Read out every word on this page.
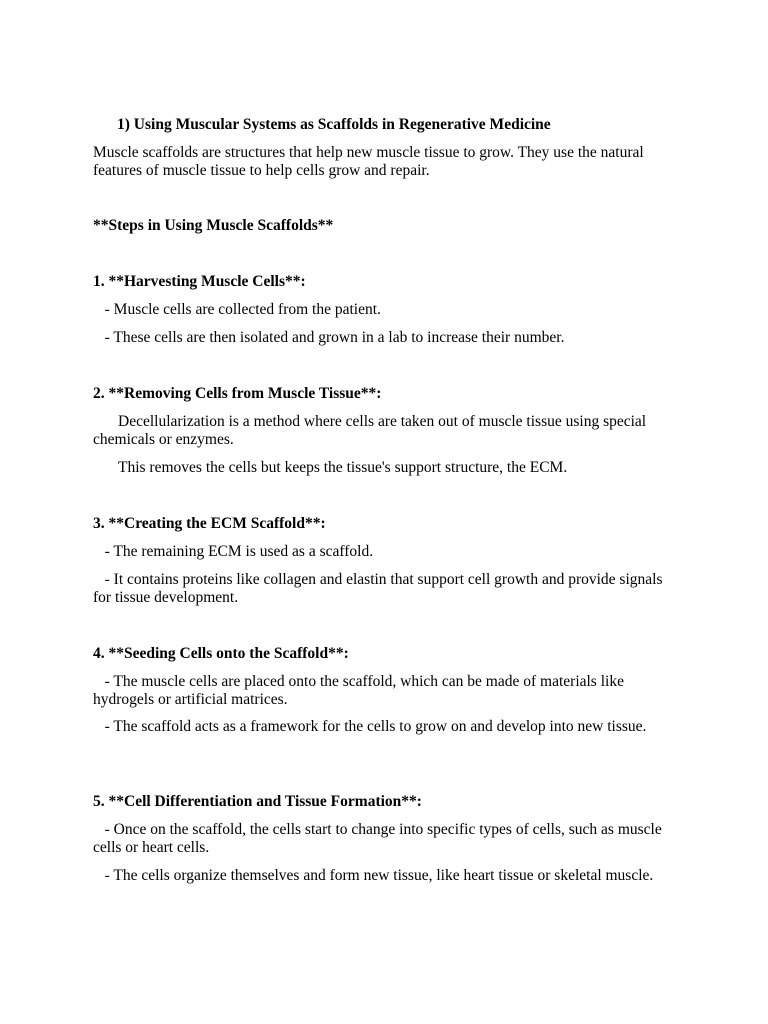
1) Using Muscular Systems as Scaffolds in Regenerative Medicine
Muscle scaffolds are structures that help new muscle tissue to grow. They use the natural features of muscle tissue to help cells grow and repair.
**Steps in Using Muscle Scaffolds**
1. **Harvesting Muscle Cells**:
- Muscle cells are collected from the patient.
- These cells are then isolated and grown in a lab to increase their number.
2. **Removing Cells from Muscle Tissue**:
Decellularization is a method where cells are taken out of muscle tissue using special chemicals or enzymes.
This removes the cells but keeps the tissue's support structure, the ECM.
3. **Creating the ECM Scaffold**:
- The remaining ECM is used as a scaffold.
- It contains proteins like collagen and elastin that support cell growth and provide signals for tissue development.
4. **Seeding Cells onto the Scaffold**:
- The muscle cells are placed onto the scaffold, which can be made of materials like hydrogels or artificial matrices.
- The scaffold acts as a framework for the cells to grow on and develop into new tissue.
5. **Cell Differentiation and Tissue Formation**:
- Once on the scaffold, the cells start to change into specific types of cells, such as muscle cells or heart cells.
- The cells organize themselves and form new tissue, like heart tissue or skeletal muscle.
